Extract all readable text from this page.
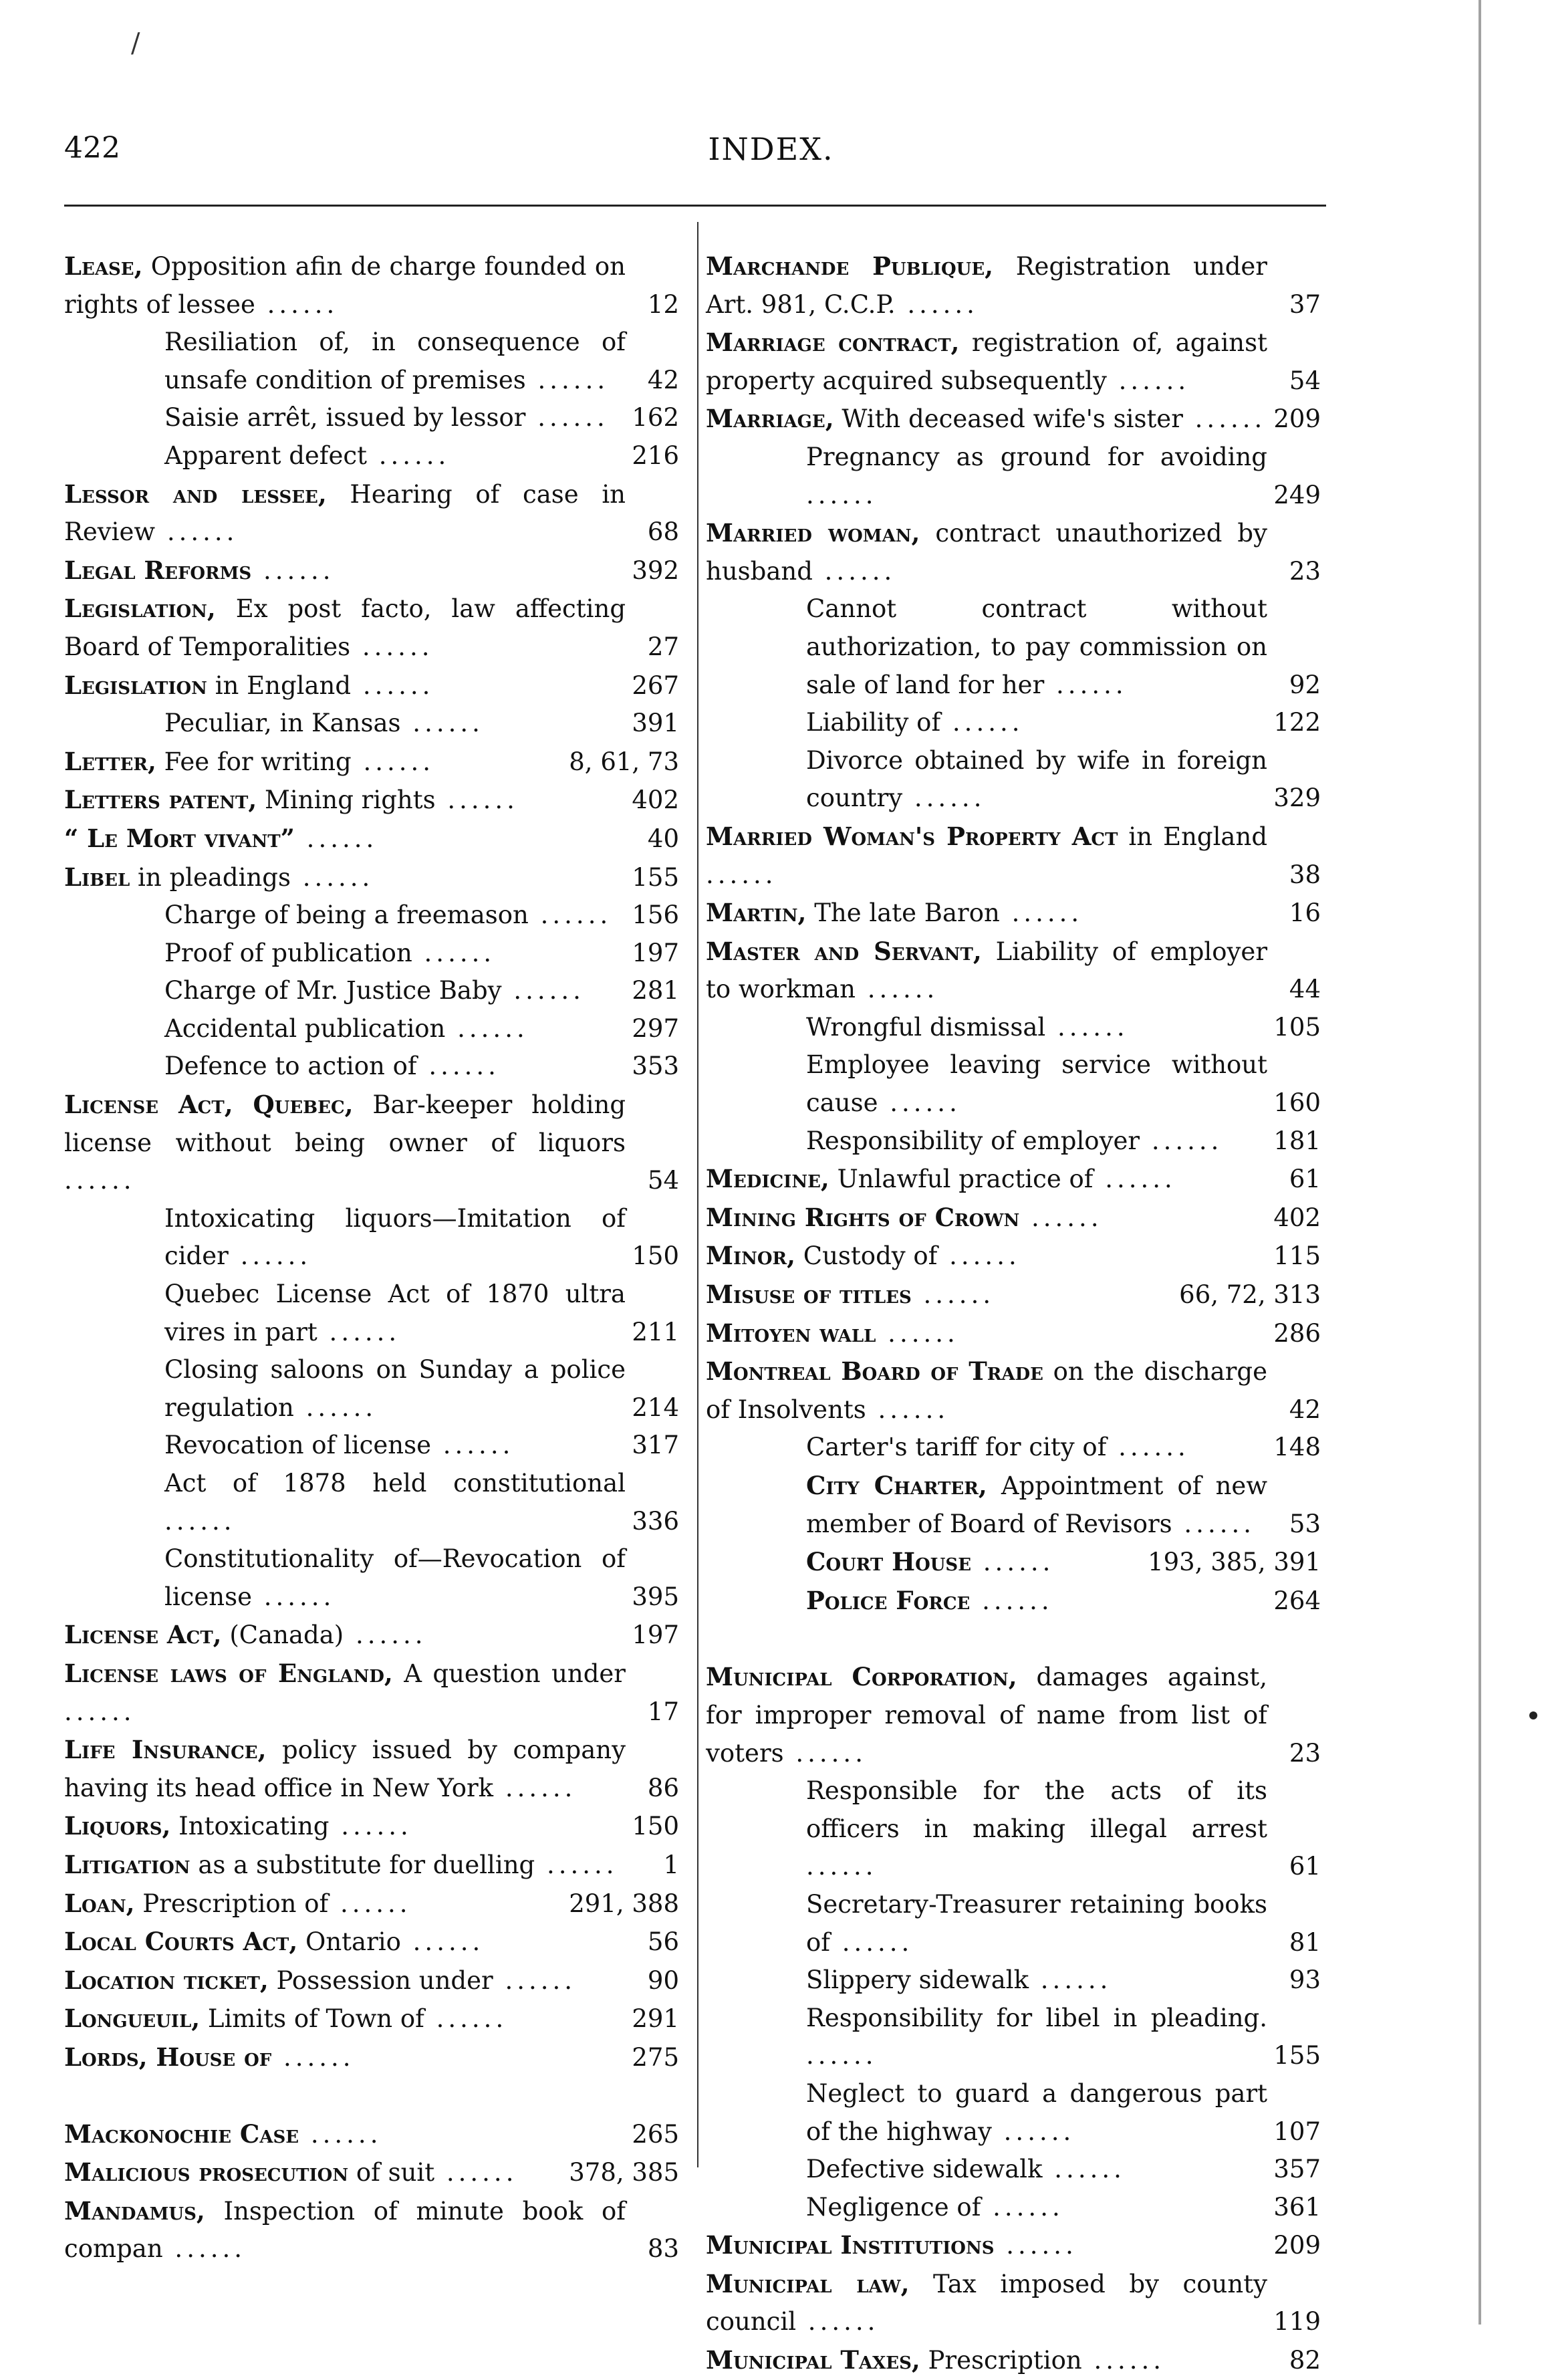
/
422	INDEX.
Lease, Opposition afin de charge founded on rights of lessee ......	12
Resiliation of, in consequence of unsafe condition of premises ...... 42
Saisie arrêt, issued by lessor ...... 162
Apparent defect ......	216
Lessor and lessee, Hearing of case in Review ......	68
Legal Reforms ......	392
Legislation, Ex post facto, law affecting Board of Temporalities ......	27
Legislation in England ......	267
Peculiar, in Kansas ......	391
Letter, Fee for writing ......	8, 61, 73
Letters patent, Mining rights ......	402
“ Le Mort vivant” ......	40
Libel in pleadings ......	155
Charge of being a freemason ...... 156
Proof of publication ......	197
Charge of Mr. Justice Baby ...... 281
Accidental publication ......	297
Defence to action of ......	353
License Act, Quebec, Bar-keeper holding license without being owner of liquors ......	54
Intoxicating liquors—Imitation of cider ......	150
Quebec License Act of 1870 ultra vires in part ......	211
Closing saloons on Sunday a police regulation ......	214
Revocation of license ......	317
Act of 1878 held constitutional ......	336
Constitutionality of—Revocation of license ......	395
License Act, (Canada) ......	197
License laws of England, A question under ......	17
Life Insurance, policy issued by company having its head office in New York ......	86
Liquors, Intoxicating ......	150
Litigation as a substitute for duelling ...... 1
Loan, Prescription of ......	291, 388
Local Courts Act, Ontario ......	56
Location ticket, Possession under ......	90
Longueuil, Limits of Town of ......	291
Lords, House of ......	275
Mackonochie Case ......	265
Malicious prosecution of suit ...... 378, 385
Mandamus, Inspection of minute book of compan ......	83
Marchande Publique, Registration under Art. 981, C.C.P. ......	37
Marriage contract, registration of, against property acquired subsequently ......	54
Marriage, With deceased wife's sister ...... 209
Pregnancy as ground for avoiding ......	249
Married woman, contract unauthorized by husband ......	23
Cannot contract without authorization, to pay commission on sale of land for her ......	92
Liability of ......	122
Divorce obtained by wife in foreign country ......	329
Married Woman's Property Act in England ......	38
Martin, The late Baron ......	16
Master and Servant, Liability of employer to workman ......	44
Wrongful dismissal ......	105
Employee leaving service without cause ......	160
Responsibility of employer ...... 181
Medicine, Unlawful practice of ......	61
Mining Rights of Crown ......	402
Minor, Custody of ......	115
Misuse of titles ......	66, 72, 313
Mitoyen wall ......	286
Montreal Board of Trade on the discharge of Insolvents ......	42
Carter's tariff for city of ......	148
City Charter, Appointment of new member of Board of Revisors ...... 53
Court House ......	193, 385, 391
Police Force ......	264
Municipal Corporation, damages against, for improper removal of name from list of voters ......	23
Responsible for the acts of its officers in making illegal arrest ......	61
Secretary-Treasurer retaining books of ......	81
Slippery sidewalk ......	93
Responsibility for libel in pleading. ......	155
Neglect to guard a dangerous part of the highway ......	107
Defective sidewalk ......	357
Negligence of ......	361
Municipal Institutions ......	209
Municipal law, Tax imposed by county council ......	119
Municipal Taxes, Prescription ......	82
